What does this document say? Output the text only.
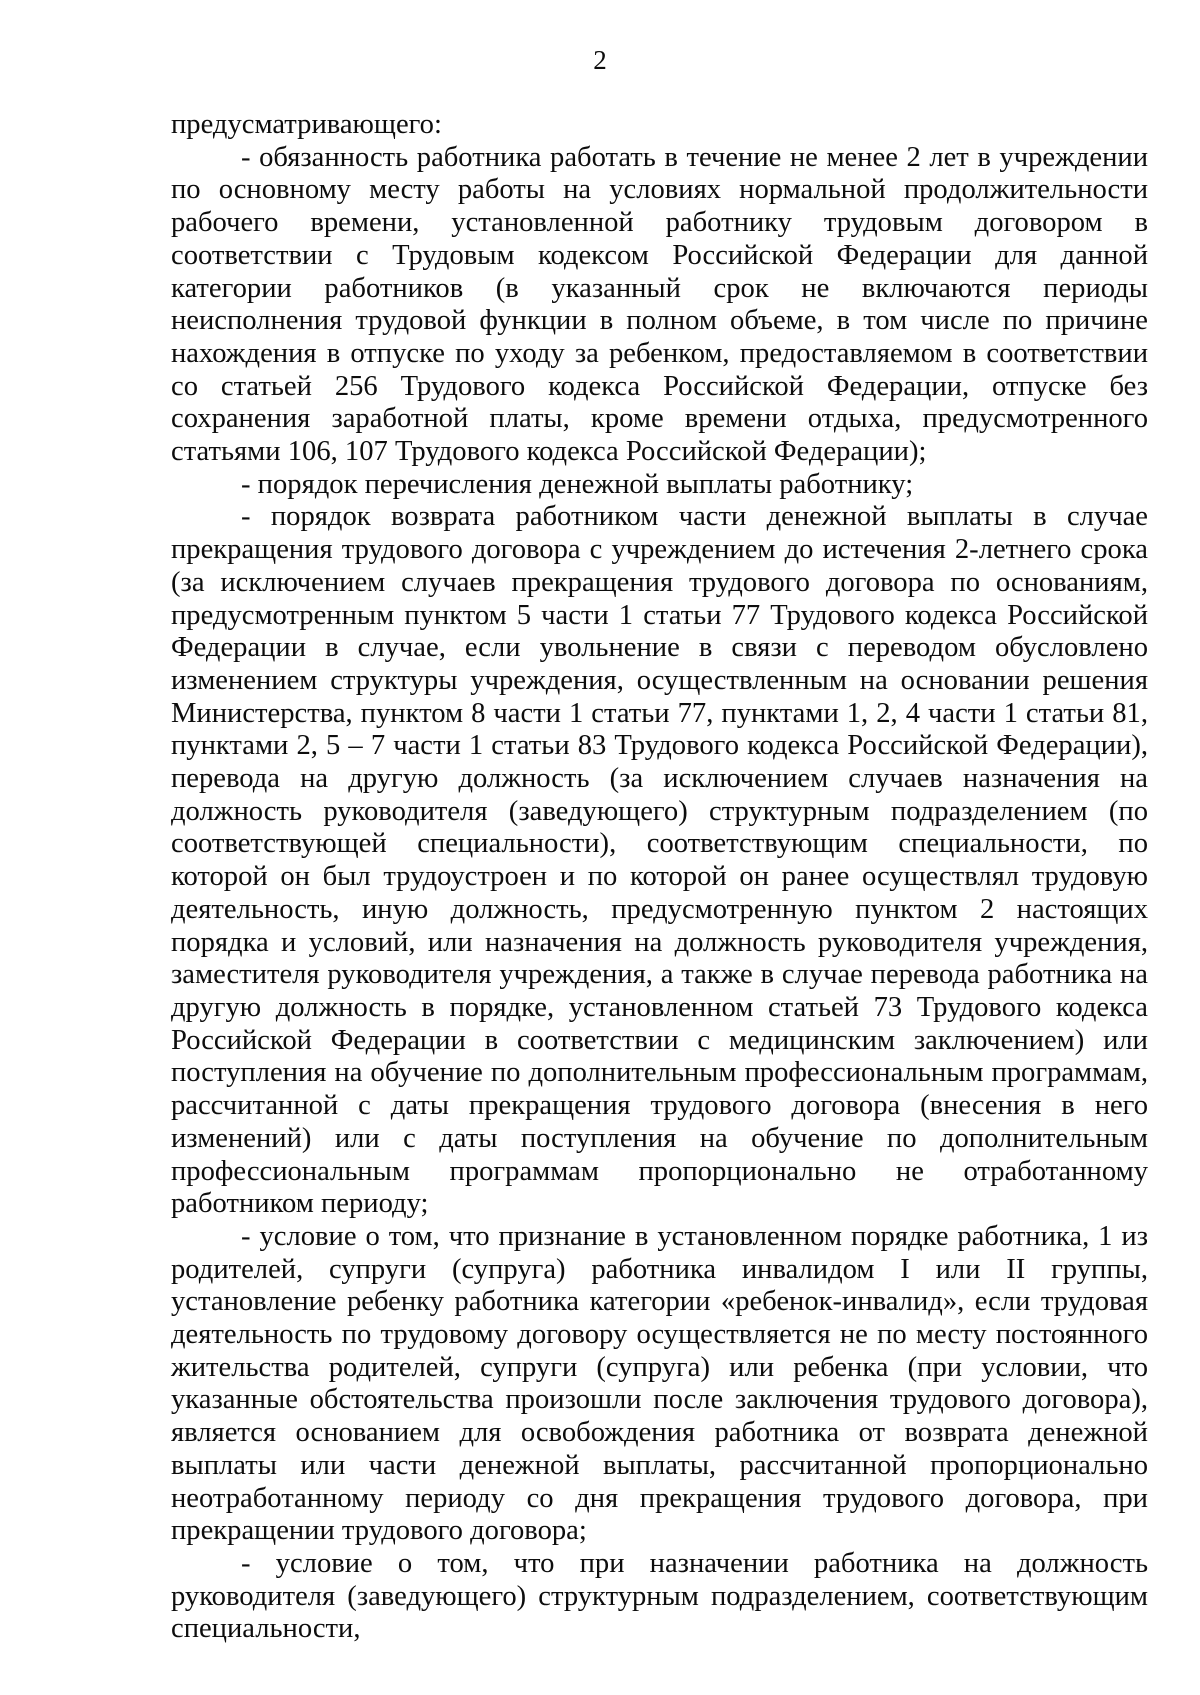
2

предусматривающего:

- обязанность работника работать в течение не менее 2 лет в учреждении по основному месту работы на условиях нормальной продолжительности рабочего времени, установленной работнику трудовым договором в соответствии с Трудовым кодексом Российской Федерации для данной категории работников (в указанный срок не включаются периоды неисполнения трудовой функции в полном объеме, в том числе по причине нахождения в отпуске по уходу за ребенком, предоставляемом в соответствии со статьей 256 Трудового кодекса Российской Федерации, отпуске без сохранения заработной платы, кроме времени отдыха, предусмотренного статьями 106, 107 Трудового кодекса Российской Федерации);

- порядок перечисления денежной выплаты работнику;

- порядок возврата работником части денежной выплаты в случае прекращения трудового договора с учреждением до истечения 2-летнего срока (за исключением случаев прекращения трудового договора по основаниям, предусмотренным пунктом 5 части 1 статьи 77 Трудового кодекса Российской Федерации в случае, если увольнение в связи с переводом обусловлено изменением структуры учреждения, осуществленным на основании решения Министерства, пунктом 8 части 1 статьи 77, пунктами 1, 2, 4 части 1 статьи 81, пунктами 2, 5 – 7 части 1 статьи 83 Трудового кодекса Российской Федерации), перевода на другую должность (за исключением случаев назначения на должность руководителя (заведующего) структурным подразделением (по соответствующей специальности), соответствующим специальности, по которой он был трудоустроен и по которой он ранее осуществлял трудовую деятельность, иную должность, предусмотренную пунктом 2 настоящих порядка и условий, или назначения на должность руководителя учреждения, заместителя руководителя учреждения, а также в случае перевода работника на другую должность в порядке, установленном статьей 73 Трудового кодекса Российской Федерации в соответствии с медицинским заключением) или поступления на обучение по дополнительным профессиональным программам, рассчитанной с даты прекращения трудового договора (внесения в него изменений) или с даты поступления на обучение по дополнительным профессиональным программам пропорционально не отработанному работником периоду;

- условие о том, что признание в установленном порядке работника, 1 из родителей, супруги (супруга) работника инвалидом I или II группы, установление ребенку работника категории «ребенок-инвалид», если трудовая деятельность по трудовому договору осуществляется не по месту постоянного жительства родителей, супруги (супруга) или ребенка (при условии, что указанные обстоятельства произошли после заключения трудового договора), является основанием для освобождения работника от возврата денежной выплаты или части денежной выплаты, рассчитанной пропорционально неотработанному периоду со дня прекращения трудового договора, при прекращении трудового договора;

- условие о том, что при назначении работника на должность руководителя (заведующего) структурным подразделением, соответствующим специальности,
